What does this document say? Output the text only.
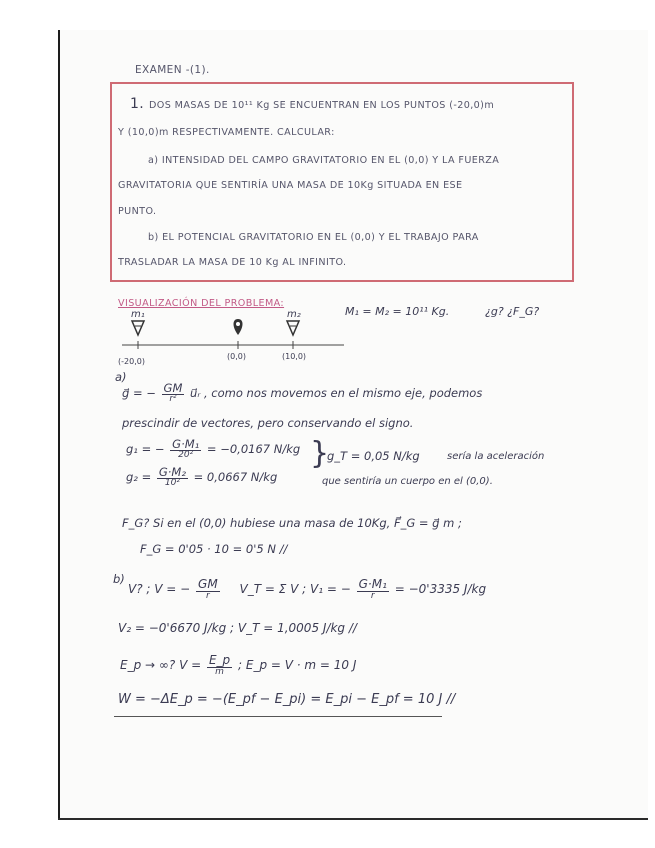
EXAMEN -(1).
1. DOS MASAS DE 10¹¹ Kg SE ENCUENTRAN EN LOS PUNTOS (-20,0)m
Y (10,0)m RESPECTIVAMENTE. CALCULAR:
a) INTENSIDAD DEL CAMPO GRAVITATORIO EN EL (0,0) Y LA FUERZA
GRAVITATORIA QUE SENTIRÍA UNA MASA DE 10Kg SITUADA EN ESE
PUNTO.
b) EL POTENCIAL GRAVITATORIO EN EL (0,0) Y EL TRABAJO PARA
TRASLADAR LA MASA DE 10 Kg AL INFINITO.
VISUALIZACIÓN DEL PROBLEMA:
m₁	m₂
(-20,0)
(0,0)	(10,0)
M₁ = M₂ = 10¹¹ Kg.	¿g? ¿F_G?
a)
g⃗ = − $\frac{GM}{\text{r²}}$ u⃗ᵣ , como nos movemos en el mismo eje, podemos
prescindir de vectores, pero conservando el signo.
g₁ = − $\frac{\text{G·M₁}}{\text{20²}} = -0,0167$ N/kg
$g_2 = \frac{\text{G·M₂}}{\text{10²}} = 0,0667$ N/kg
}
g_T = 0,05 N/kg	sería la aceleración
que sentiría un cuerpo en el (0,0).
F_G? Si en el (0,0) hubiese una masa de 10Kg, F⃗_G = g⃗ m ;
F_G = 0'05 · 10 = 0'5 N //
b)
V? ; V = − $\frac{GM}{r}$ V_T = Σ V ; V₁ = − $\frac{\text{G·M₁}}{r} = -0'3335$ J/kg
V₂ = −0'6670 J/kg ; V_T = 1,0005 J/kg //
E_p → ∞? $V = \frac{E\_p}{m}$ ; E_p = V · m = 10 J
W = −ΔE_p = −(E_pf − E_pi) = E_pi − E_pf = 10 J //
